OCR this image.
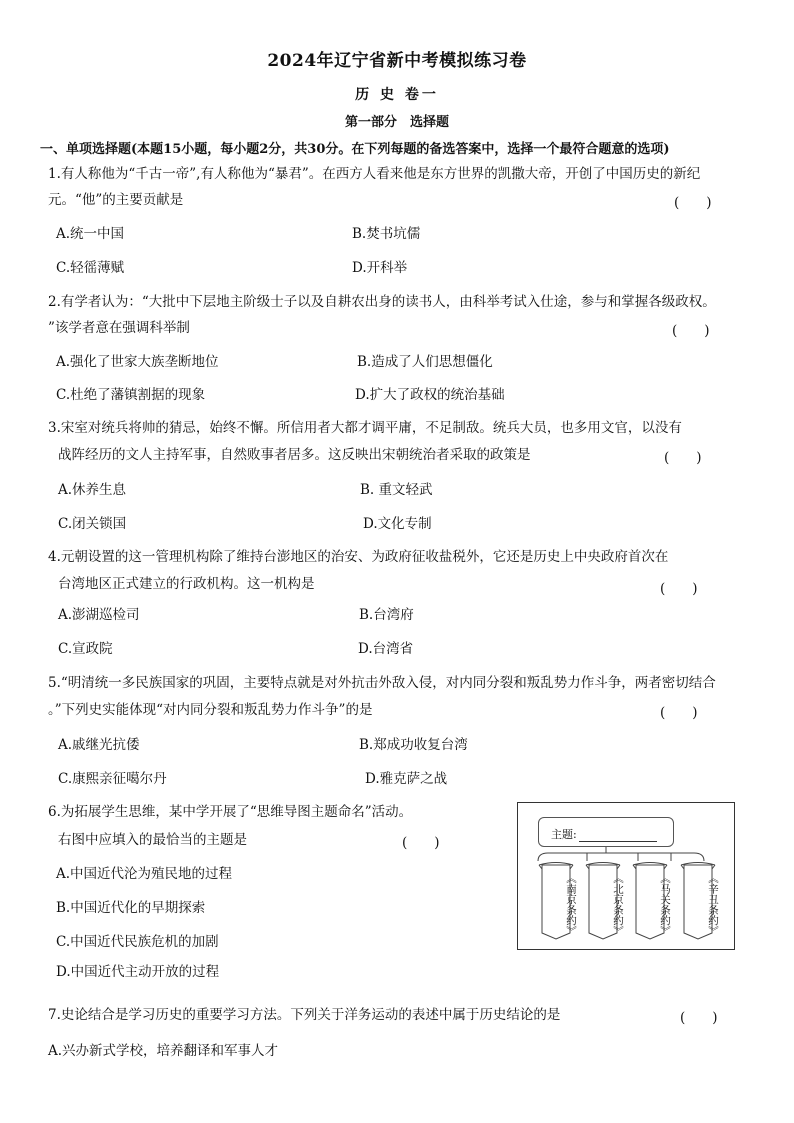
2024年辽宁省新中考模拟练习卷
历 史 卷一
第一部分　选择题
一、单项选择题(本题15小题，每小题2分，共30分。在下列每题的备选答案中，选择一个最符合题意的选项)
1.有人称他为“千古一帝”,有人称他为“暴君”。在西方人看来他是东方世界的凯撒大帝，开创了中国历史的新纪
元。“他”的主要贡献是	(　　)
A.统一中国	B.焚书坑儒
C.轻徭薄赋	D.开科举
2.有学者认为：“大批中下层地主阶级士子以及自耕农出身的读书人，由科举考试入仕途，参与和掌握各级政权。
”该学者意在强调科举制	(　　)
A.强化了世家大族垄断地位	B.造成了人们思想僵化
C.杜绝了藩镇割据的现象	D.扩大了政权的统治基础
3.宋室对统兵将帅的猜忌，始终不懈。所信用者大都才调平庸，不足制敌。统兵大员，也多用文官，以没有
战阵经历的文人主持军事，自然败事者居多。这反映出宋朝统治者采取的政策是	(　　)
A.休养生息	B. 重文轻武
C.闭关锁国	D.文化专制
4.元朝设置的这一管理机构除了维持台澎地区的治安、为政府征收盐税外，它还是历史上中央政府首次在
台湾地区正式建立的行政机构。这一机构是	(　　)
A.澎湖巡检司	B.台湾府
C.宣政院	D.台湾省
5.“明清统一多民族国家的巩固，主要特点就是对外抗击外敌入侵，对内同分裂和叛乱势力作斗争，两者密切结合
。”下列史实能体现“对内同分裂和叛乱势力作斗争”的是	(　　)
A.戚继光抗倭	B.郑成功收复台湾
C.康熙亲征噶尔丹	D.雅克萨之战
6.为拓展学生思维，某中学开展了“思维导图主题命名”活动。
右图中应填入的最恰当的主题是	(　　)
A.中国近代沦为殖民地的过程
B.中国近代化的早期探索
C.中国近代民族危机的加剧
D.中国近代主动开放的过程
主题:
《南京条约》	《北京条约》	《马关条约》	《辛丑条约》
7.史论结合是学习历史的重要学习方法。下列关于洋务运动的表述中属于历史结论的是	(　　)
A.兴办新式学校，培养翻译和军事人才
